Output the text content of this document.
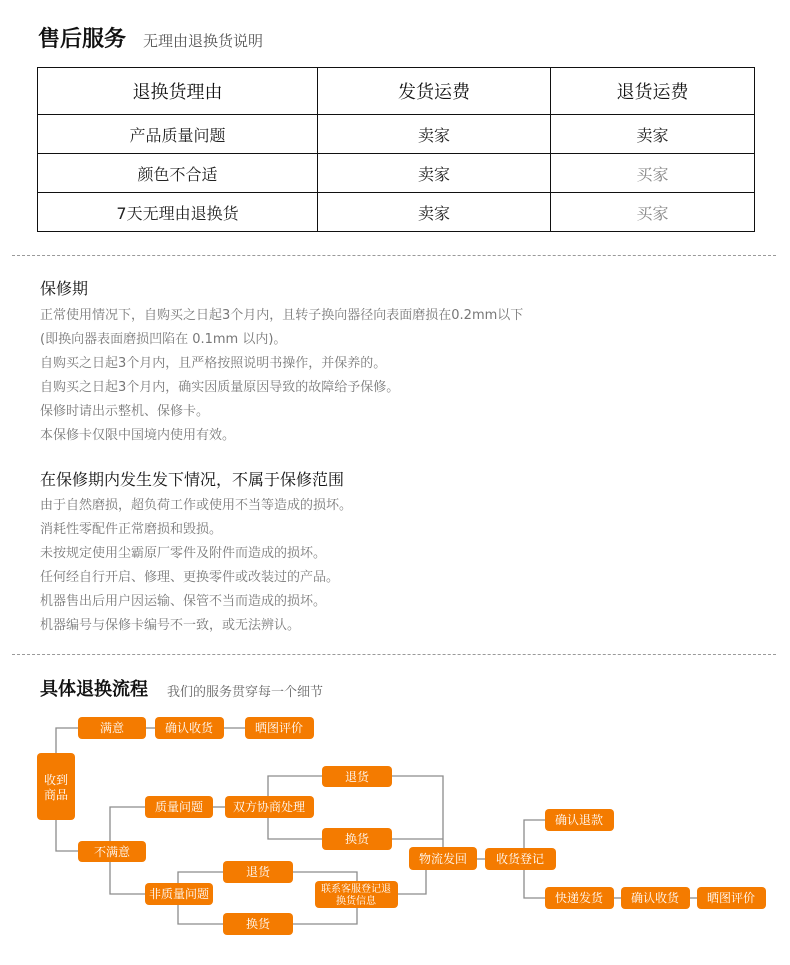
售后服务 无理由退换货说明
退换货理由	发货运费	退货运费
产品质量问题	卖家	卖家
颜色不合适	卖家	买家
7天无理由退换货	卖家	买家
保修期
正常使用情况下，自购买之日起3个月内，且转子换向器径向表面磨损在0.2mm以下
(即换向器表面磨损凹陷在 0.1mm 以内)。
自购买之日起3个月内，且严格按照说明书操作，并保养的。
自购买之日起3个月内，确实因质量原因导致的故障给予保修。
保修时请出示整机、保修卡。
本保修卡仅限中国境内使用有效。
在保修期内发生发下情况，不属于保修范围
由于自然磨损，超负荷工作或使用不当等造成的损坏。
消耗性零配件正常磨损和毁损。
未按规定使用尘霸原厂零件及附件而造成的损坏。
任何经自行开启、修理、更换零件或改装过的产品。
机器售出后用户因运输、保管不当而造成的损坏。
机器编号与保修卡编号不一致，或无法辨认。
具体退换流程 我们的服务贯穿每一个细节
收到
商品
满意	确认收货	晒图评价
不满意
质量问题 双方协商处理
退货
换货
非质量问题
退货
换货
联系客服登记退
换货信息
物流发回 收货登记
确认退款
快递发货 确认收货 晒图评价
